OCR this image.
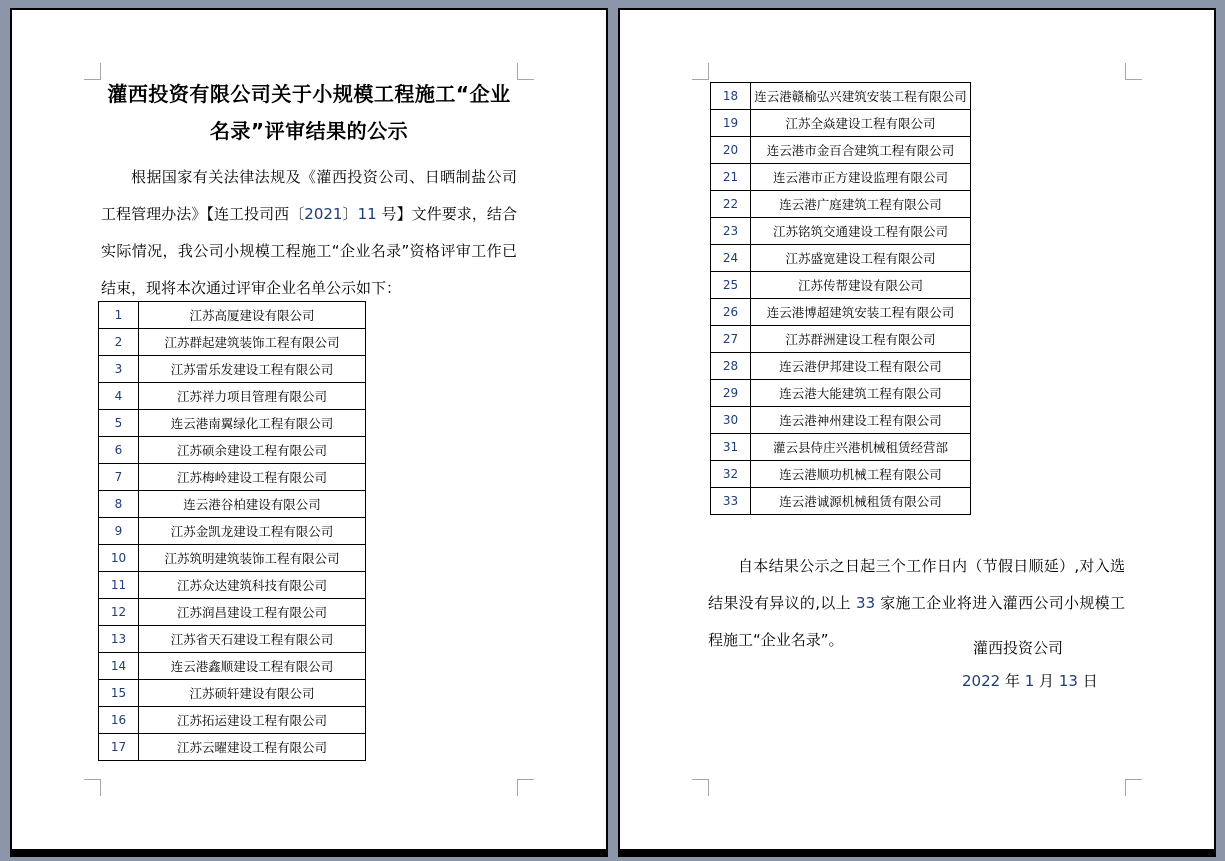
灌西投资有限公司关于小规模工程施工“企业名录”评审结果的公示
根据国家有关法律法规及《灌西投资公司、日晒制盐公司工程管理办法》【连工投司西〔2021〕11 号】文件要求，结合实际情况，我公司小规模工程施工“企业名录”资格评审工作已结束，现将本次通过评审企业名单公示如下：
1	江苏高厦建设有限公司
2	江苏群起建筑装饰工程有限公司
3	江苏雷乐发建设工程有限公司
4	江苏祥力项目管理有限公司
5	连云港南翼绿化工程有限公司
6	江苏硕余建设工程有限公司
7	江苏梅岭建设工程有限公司
8	连云港谷柏建设有限公司
9	江苏金凯龙建设工程有限公司
10	江苏筑明建筑装饰工程有限公司
11	江苏众达建筑科技有限公司
12	江苏润昌建设工程有限公司
13	江苏省天石建设工程有限公司
14	连云港鑫顺建设工程有限公司
15	江苏硕轩建设有限公司
16	江苏拓运建设工程有限公司
17	江苏云曜建设工程有限公司
18	连云港赣榆弘兴建筑安装工程有限公司
19	江苏全焱建设工程有限公司
20	连云港市金百合建筑工程有限公司
21	连云港市正方建设监理有限公司
22	连云港广庭建筑工程有限公司
23	江苏铭筑交通建设工程有限公司
24	江苏盛宽建设工程有限公司
25	江苏传帮建设有限公司
26	连云港博超建筑安装工程有限公司
27	江苏群洲建设工程有限公司
28	连云港伊邦建设工程有限公司
29	连云港大能建筑工程有限公司
30	连云港神州建设工程有限公司
31	灌云县侍庄兴港机械租赁经营部
32	连云港顺功机械工程有限公司
33	连云港诚源机械租赁有限公司
自本结果公示之日起三个工作日内（节假日顺延）,对入选结果没有异议的,以上 33 家施工企业将进入灌西公司小规模工程施工“企业名录”。	灌西投资公司
2022 年 1 月 13 日
